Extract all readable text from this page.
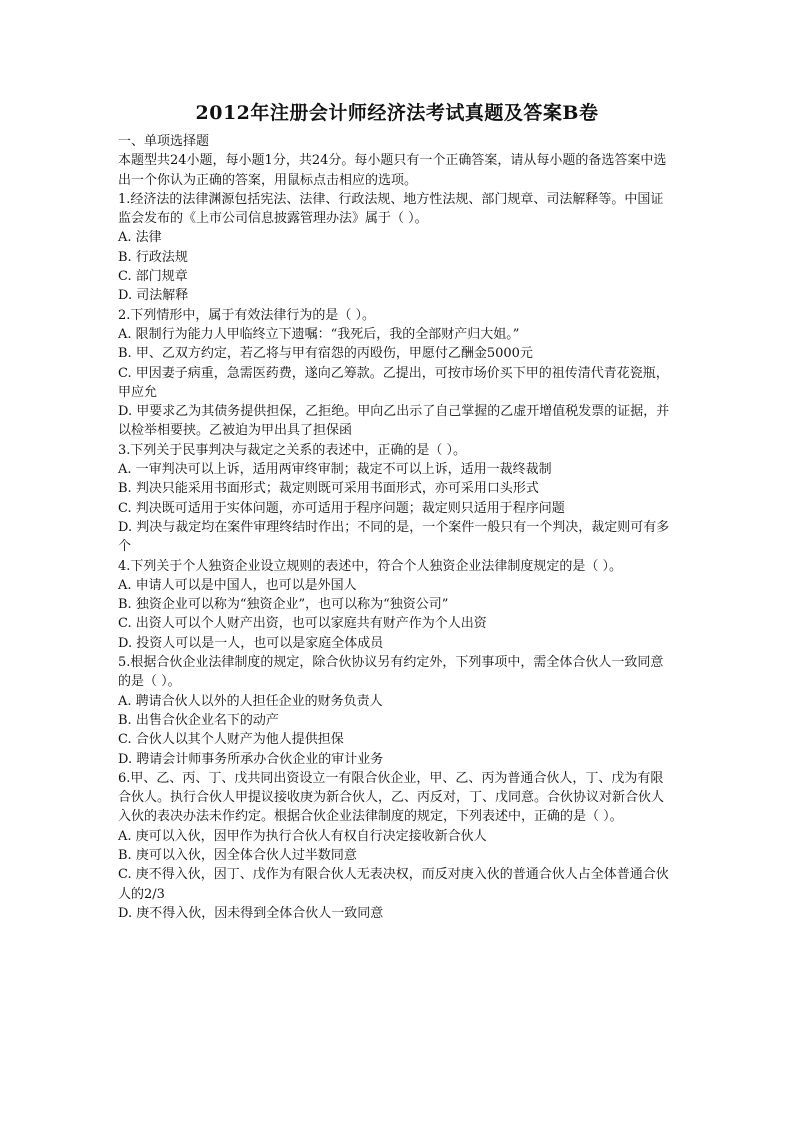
2012年注册会计师经济法考试真题及答案B卷

一、单项选择题

本题型共24小题，每小题1分，共24分。每小题只有一个正确答案，请从每小题的备选答案中选出一个你认为正确的答案，用鼠标点击相应的选项。

1.经济法的法律渊源包括宪法、法律、行政法规、地方性法规、部门规章、司法解释等。中国证监会发布的《上市公司信息披露管理办法》属于（ ）。

A. 法律

B. 行政法规

C. 部门规章

D. 司法解释

2.下列情形中，属于有效法律行为的是（ ）。

A. 限制行为能力人甲临终立下遗嘱：“我死后，我的全部财产归大姐。”

B. 甲、乙双方约定，若乙将与甲有宿怨的丙殴伤，甲愿付乙酬金5000元

C. 甲因妻子病重，急需医药费，遂向乙筹款。乙提出，可按市场价买下甲的祖传清代青花瓷瓶，甲应允

D. 甲要求乙为其债务提供担保，乙拒绝。甲向乙出示了自己掌握的乙虚开增值税发票的证据，并以检举相要挟。乙被迫为甲出具了担保函

3.下列关于民事判决与裁定之关系的表述中，正确的是（ ）。

A. 一审判决可以上诉，适用两审终审制；裁定不可以上诉，适用一裁终裁制

B. 判决只能采用书面形式；裁定则既可采用书面形式，亦可采用口头形式

C. 判决既可适用于实体问题，亦可适用于程序问题；裁定则只适用于程序问题

D. 判决与裁定均在案件审理终结时作出；不同的是，一个案件一般只有一个判决，裁定则可有多个

4.下列关于个人独资企业设立规则的表述中，符合个人独资企业法律制度规定的是（ ）。

A. 申请人可以是中国人，也可以是外国人

B. 独资企业可以称为“独资企业”，也可以称为“独资公司”

C. 出资人可以个人财产出资，也可以家庭共有财产作为个人出资

D. 投资人可以是一人，也可以是家庭全体成员

5.根据合伙企业法律制度的规定，除合伙协议另有约定外，下列事项中，需全体合伙人一致同意的是（ ）。

A. 聘请合伙人以外的人担任企业的财务负责人

B. 出售合伙企业名下的动产

C. 合伙人以其个人财产为他人提供担保

D. 聘请会计师事务所承办合伙企业的审计业务

6.甲、乙、丙、丁、戊共同出资设立一有限合伙企业，甲、乙、丙为普通合伙人，丁、戊为有限合伙人。执行合伙人甲提议接收庚为新合伙人，乙、丙反对，丁、戊同意。合伙协议对新合伙人入伙的表决办法未作约定。根据合伙企业法律制度的规定，下列表述中，正确的是（ ）。

A. 庚可以入伙，因甲作为执行合伙人有权自行决定接收新合伙人

B. 庚可以入伙，因全体合伙人过半数同意

C. 庚不得入伙，因丁、戊作为有限合伙人无表决权，而反对庚入伙的普通合伙人占全体普通合伙人的2/3

D. 庚不得入伙，因未得到全体合伙人一致同意
